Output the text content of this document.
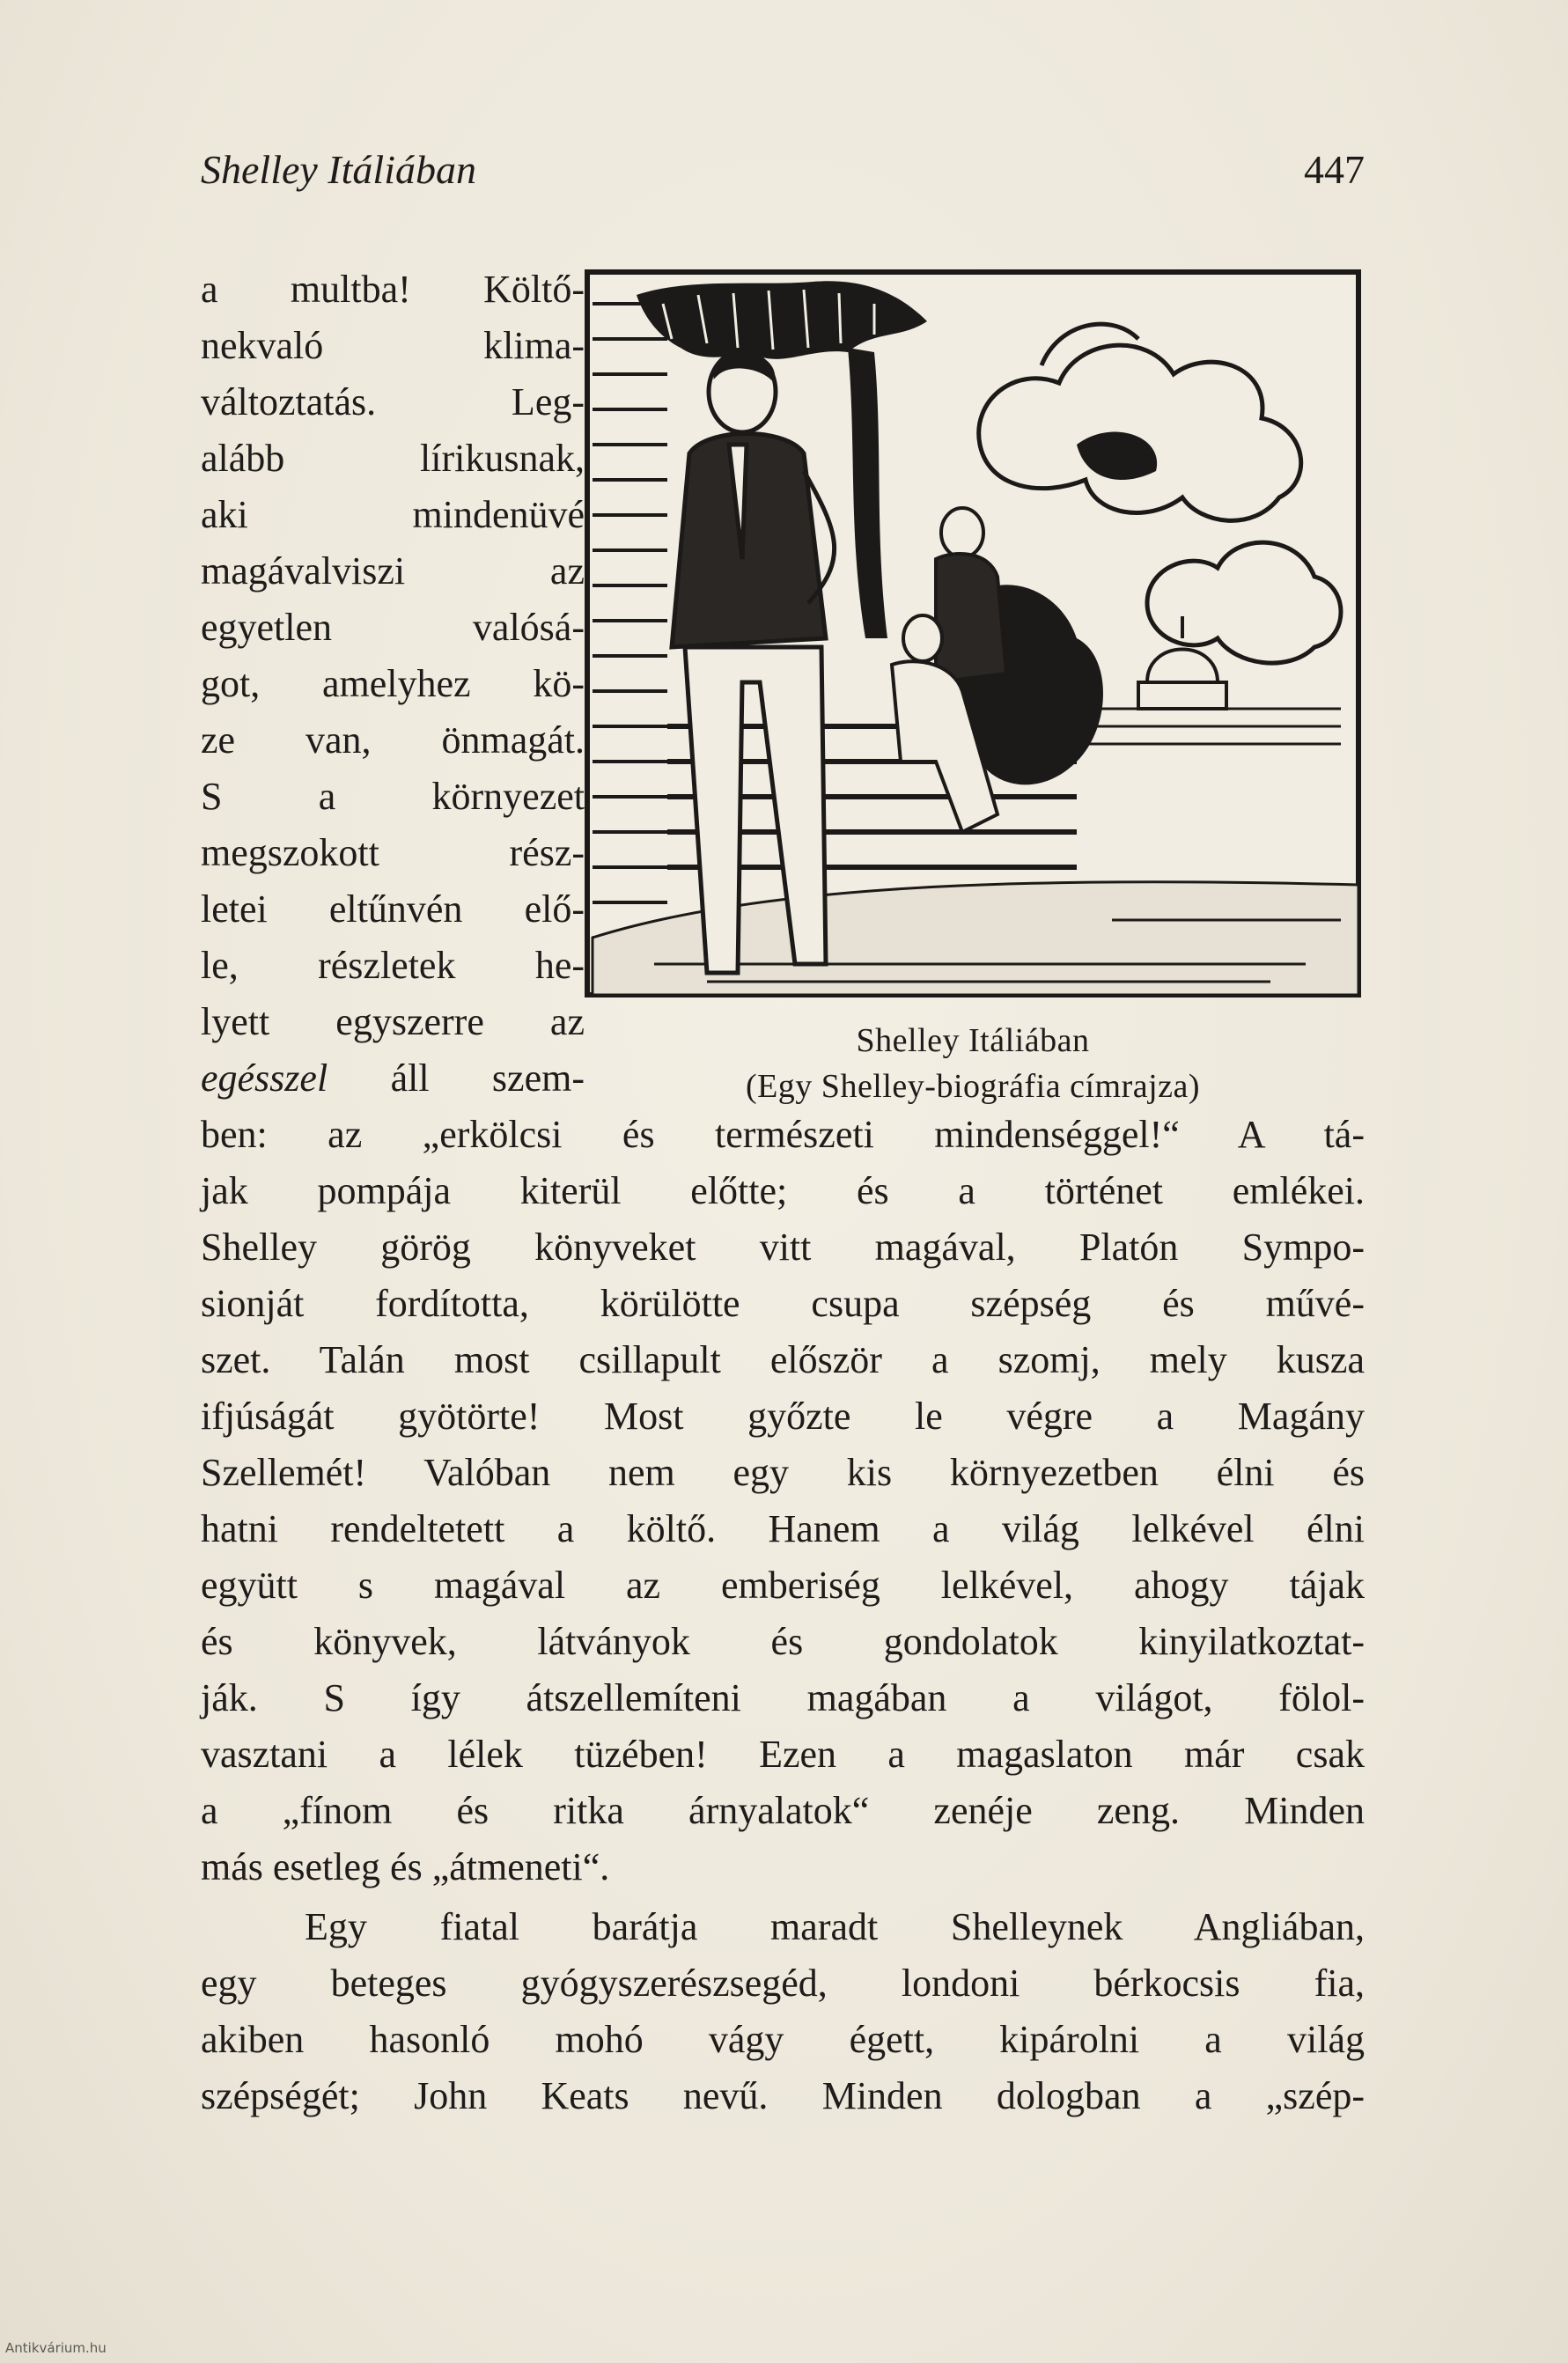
Shelley Itáliában	447
Shelley Itáliában
(Egy Shelley-biográfia címrajza)
a multba! Költő-
nekvaló klima-
változtatás. Leg-
alább lírikusnak,
aki mindenüvé
magávalviszi az
egyetlen valósá-
got, amelyhez kö-
ze van, önmagát.
S a környezet
megszokott rész-
letei eltűnvén elő-
le, részletek he-
lyett egyszerre az
egésszel áll szem-
ben: az „erkölcsi és természeti mindenséggel!“ A tá-
jak pompája kiterül előtte; és a történet emlékei.
Shelley görög könyveket vitt magával, Platón Sympo-
sionját fordította, körülötte csupa szépség és művé-
szet. Talán most csillapult először a szomj, mely kusza
ifjúságát gyötörte! Most győzte le végre a Magány
Szellemét! Valóban nem egy kis környezetben élni és
hatni rendeltetett a költő. Hanem a világ lelkével élni
együtt s magával az emberiség lelkével, ahogy tájak
és könyvek, látványok és gondolatok kinyilatkoztat-
ják. S így átszellemíteni magában a világot, fölol-
vasztani a lélek tüzében! Ezen a magaslaton már csak
a „fínom és ritka árnyalatok“ zenéje zeng. Minden
más esetleg és „átmeneti“.
Egy fiatal barátja maradt Shelleynek Angliában,
egy beteges gyógyszerészsegéd, londoni bérkocsis fia,
akiben hasonló mohó vágy égett, kipárolni a világ
szépségét; John Keats nevű. Minden dologban a „szép-
Antikvárium.hu
